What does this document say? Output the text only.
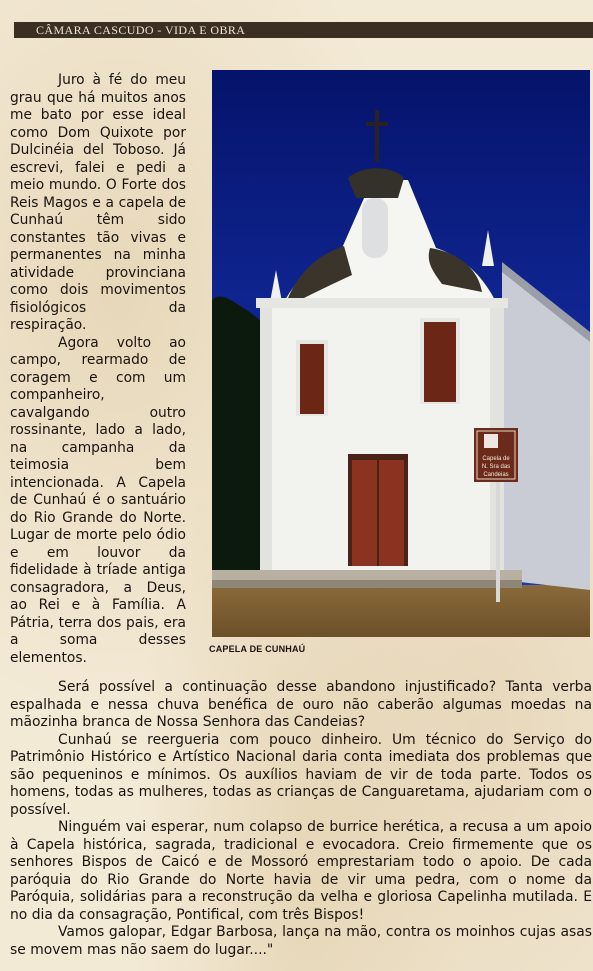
CÂMARA CASCUDO - VIDA E OBRA

Juro à fé do meu grau que há muitos anos me bato por esse ideal como Dom Quixote por Dulcinéia del Toboso. Já escrevi, falei e pedi a meio mundo. O Forte dos Reis Magos e a capela de Cunhaú têm sido constantes tão vivas e permanentes na minha atividade provinciana como dois movimentos fisiológicos da respiração.

Agora volto ao campo, rearmado de coragem e com um companheiro, cavalgando outro rossinante, lado a lado, na campanha da teimosia bem intencionada. A Capela de Cunhaú é o santuário do Rio Grande do Norte. Lugar de morte pelo ódio e em louvor da fidelidade à tríade antiga consagradora, a Deus, ao Rei e à Família. A Pátria, terra dos pais, era a soma desses elementos.

Capela de
N. Sra das
Candeias
CAPELA DE CUNHAÚ

Será possível a continuação desse abandono injustificado? Tanta verba espalhada e nessa chuva benéfica de ouro não caberão algumas moedas na mãozinha branca de Nossa Senhora das Candeias?

Cunhaú se reergueria com pouco dinheiro. Um técnico do Serviço do Patrimônio Histórico e Artístico Nacional daria conta imediata dos problemas que são pequeninos e mínimos. Os auxílios haviam de vir de toda parte. Todos os homens, todas as mulheres, todas as crianças de Canguaretama, ajudariam com o possível.

Ninguém vai esperar, num colapso de burrice herética, a recusa a um apoio à Capela histórica, sagrada, tradicional e evocadora. Creio firmemente que os senhores Bispos de Caicó e de Mossoró emprestariam todo o apoio. De cada paróquia do Rio Grande do Norte havia de vir uma pedra, com o nome da Paróquia, solidárias para a reconstrução da velha e gloriosa Capelinha mutilada. E no dia da consagração, Pontifical, com três Bispos!

Vamos galopar, Edgar Barbosa, lança na mão, contra os moinhos cujas asas se movem mas não saem do lugar...."
